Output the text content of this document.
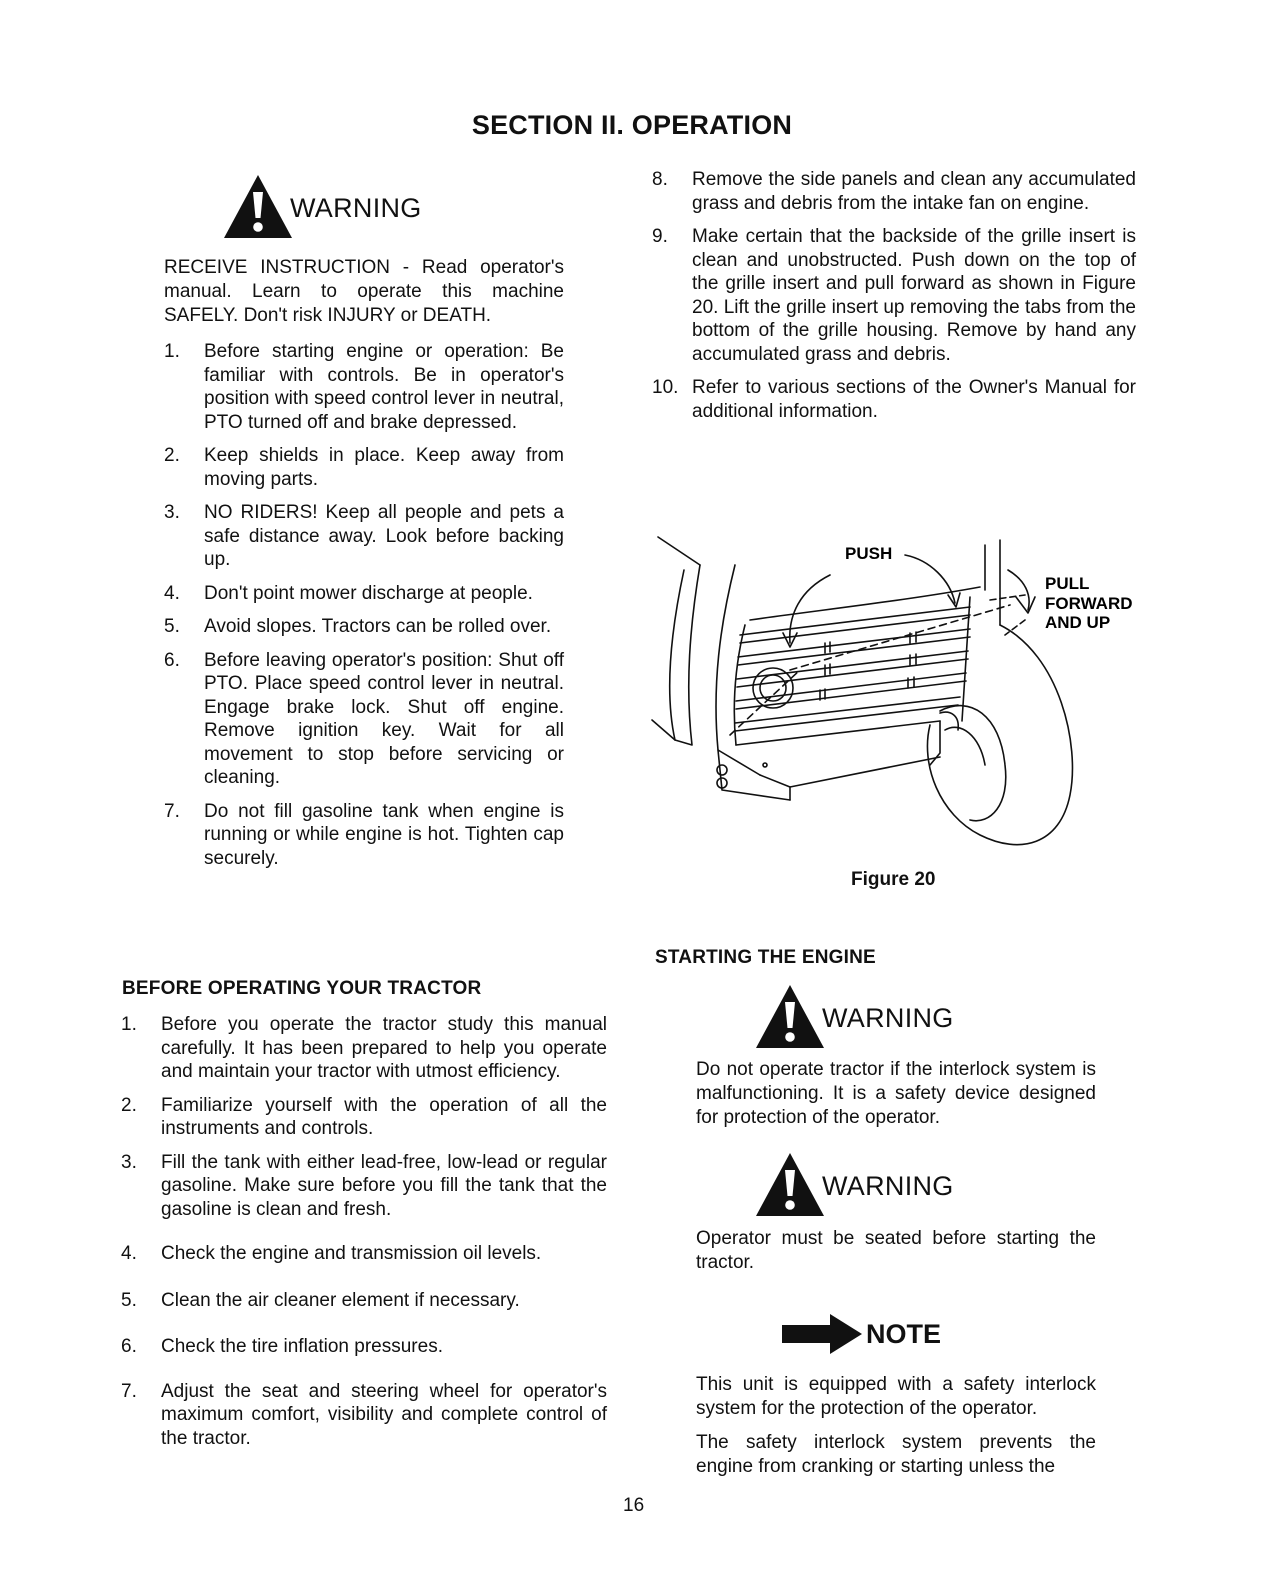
SECTION II. OPERATION
WARNING
RECEIVE INSTRUCTION - Read operator's manual. Learn to operate this machine SAFELY. Don't risk INJURY or DEATH.
1.	Before starting engine or operation: Be familiar with controls. Be in operator's position with speed control lever in neutral, PTO turned off and brake depressed.
2.	Keep shields in place. Keep away from moving parts.
3.	NO RIDERS! Keep all people and pets a safe distance away. Look before backing up.
4.	Don't point mower discharge at people.
5.	Avoid slopes. Tractors can be rolled over.
6.	Before leaving operator's position: Shut off PTO. Place speed control lever in neutral. Engage brake lock. Shut off engine. Remove ignition key. Wait for all movement to stop before servicing or cleaning.
7.	Do not fill gasoline tank when engine is running or while engine is hot. Tighten cap securely.
BEFORE OPERATING YOUR TRACTOR
1.	Before you operate the tractor study this manual carefully. It has been prepared to help you operate and maintain your tractor with utmost efficiency.
2.	Familiarize yourself with the operation of all the instruments and controls.
3.	Fill the tank with either lead-free, low-lead or regular gasoline. Make sure before you fill the tank that the gasoline is clean and fresh.
4.	Check the engine and transmission oil levels.
5.	Clean the air cleaner element if necessary.
6.	Check the tire inflation pressures.
7.	Adjust the seat and steering wheel for operator's maximum comfort, visibility and complete control of the tractor.
8.	Remove the side panels and clean any accumulated grass and debris from the intake fan on engine.
9.	Make certain that the backside of the grille insert is clean and unobstructed. Push down on the top of the grille insert and pull forward as shown in Figure 20. Lift the grille insert up removing the tabs from the bottom of the grille housing. Remove by hand any accumulated grass and debris.
10. Refer to various sections of the Owner's Manual for additional information.
PUSH
PULL
FORWARD
AND UP
Figure 20
STARTING THE ENGINE
WARNING
Do not operate tractor if the interlock system is malfunctioning. It is a safety device designed for protection of the operator.
WARNING
Operator must be seated before starting the tractor.
NOTE
This unit is equipped with a safety interlock system for the protection of the operator.
The safety interlock system prevents the engine from cranking or starting unless the
16
